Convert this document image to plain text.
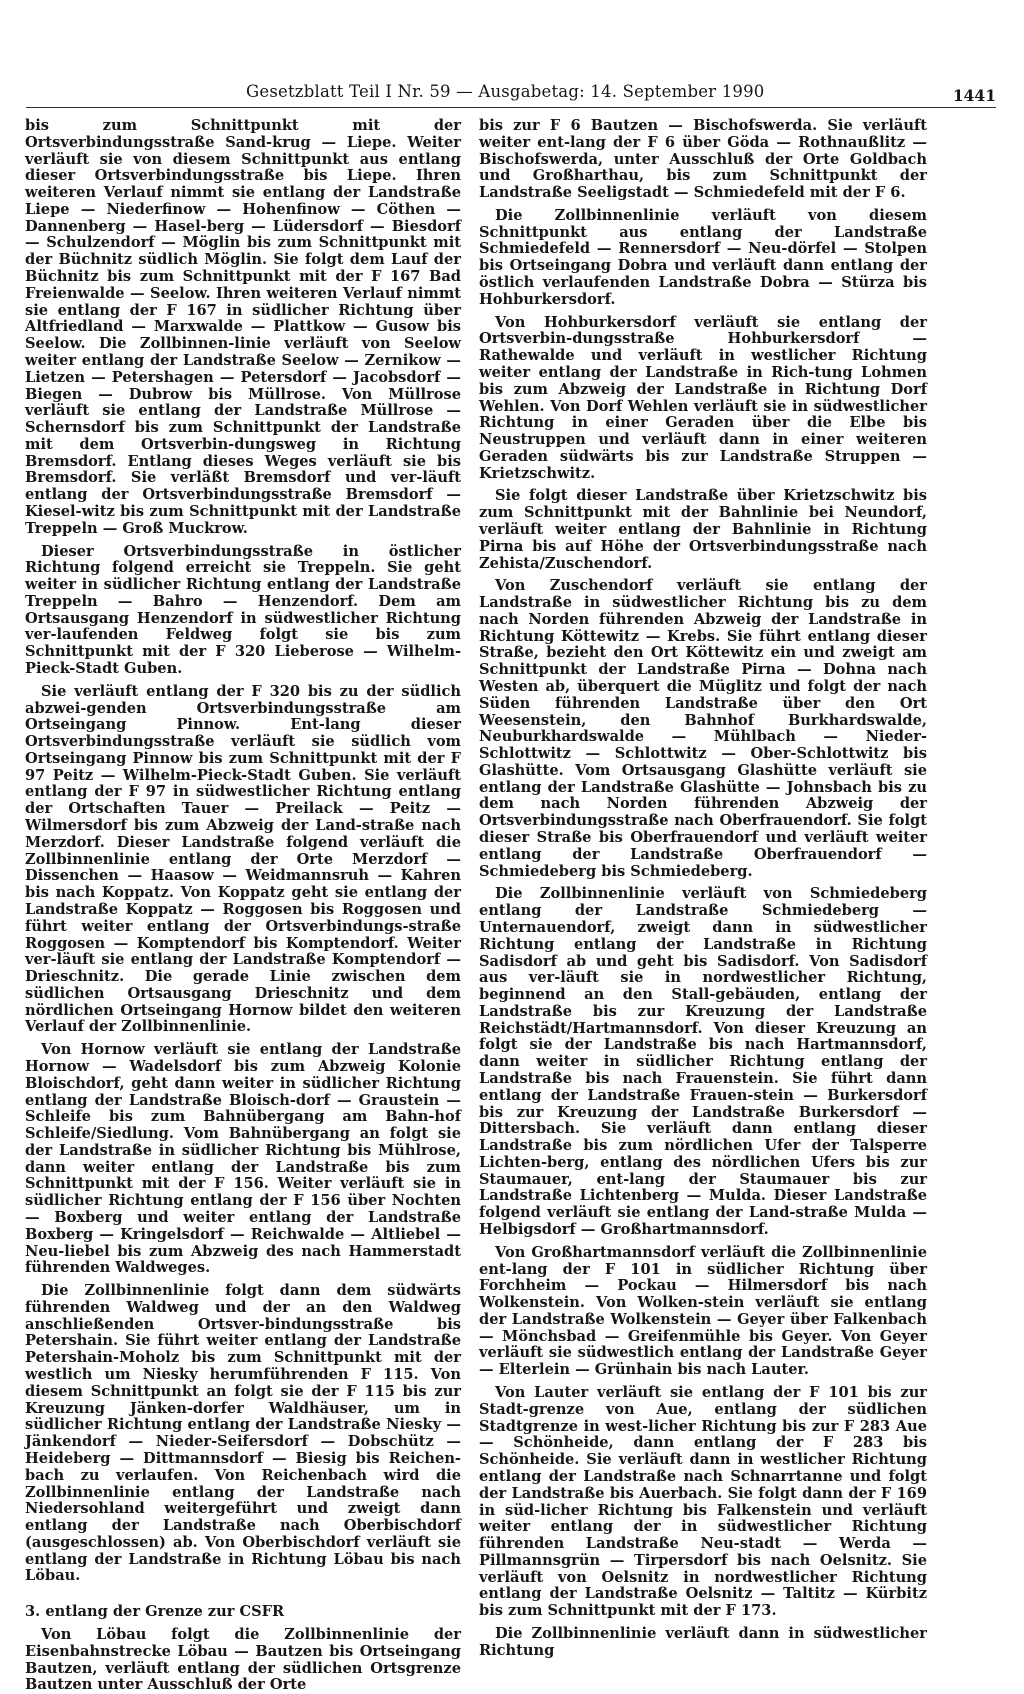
Gesetzblatt Teil I Nr. 59 — Ausgabetag: 14. September 1990	1441

bis zum Schnittpunkt mit der Ortsverbindungsstraße Sand-krug — Liepe. Weiter verläuft sie von diesem Schnittpunkt aus entlang dieser Ortsverbindungsstraße bis Liepe. Ihren weiteren Verlauf nimmt sie entlang der Landstraße Liepe — Niederfinow — Hohenfinow — Cöthen — Dannenberg — Hasel-berg — Lüdersdorf — Biesdorf — Schulzendorf — Möglin bis zum Schnittpunkt mit der Büchnitz südlich Möglin. Sie folgt dem Lauf der Büchnitz bis zum Schnittpunkt mit der F 167 Bad Freienwalde — Seelow. Ihren weiteren Verlauf nimmt sie entlang der F 167 in südlicher Richtung über Altfriedland — Marxwalde — Plattkow — Gusow bis Seelow. Die Zollbinnen-linie verläuft von Seelow weiter entlang der Landstraße Seelow — Zernikow — Lietzen — Petershagen — Petersdorf — Jacobsdorf — Biegen — Dubrow bis Müllrose. Von Müllrose verläuft sie entlang der Landstraße Müllrose — Schernsdorf bis zum Schnittpunkt der Landstraße mit dem Ortsverbin-dungsweg in Richtung Bremsdorf. Entlang dieses Weges verläuft sie bis Bremsdorf. Sie verläßt Bremsdorf und ver-läuft entlang der Ortsverbindungsstraße Bremsdorf — Kiesel-witz bis zum Schnittpunkt mit der Landstraße Treppeln — Groß Muckrow.

Dieser Ortsverbindungsstraße in östlicher Richtung folgend erreicht sie Treppeln. Sie geht weiter in südlicher Richtung entlang der Landstraße Treppeln — Bahro — Henzendorf. Dem am Ortsausgang Henzendorf in südwestlicher Richtung ver-laufenden Feldweg folgt sie bis zum Schnittpunkt mit der F 320 Lieberose — Wilhelm-Pieck-Stadt Guben.

Sie verläuft entlang der F 320 bis zu der südlich abzwei-genden Ortsverbindungsstraße am Ortseingang Pinnow. Ent-lang dieser Ortsverbindungsstraße verläuft sie südlich vom Ortseingang Pinnow bis zum Schnittpunkt mit der F 97 Peitz — Wilhelm-Pieck-Stadt Guben. Sie verläuft entlang der F 97 in südwestlicher Richtung entlang der Ortschaften Tauer — Preilack — Peitz — Wilmersdorf bis zum Abzweig der Land-straße nach Merzdorf. Dieser Landstraße folgend verläuft die Zollbinnenlinie entlang der Orte Merzdorf — Dissenchen — Haasow — Weidmannsruh — Kahren bis nach Koppatz. Von Koppatz geht sie entlang der Landstraße Koppatz — Roggosen bis Roggosen und führt weiter entlang der Ortsverbindungs-straße Roggosen — Komptendorf bis Komptendorf. Weiter ver-läuft sie entlang der Landstraße Komptendorf — Drieschnitz. Die gerade Linie zwischen dem südlichen Ortsausgang Drieschnitz und dem nördlichen Ortseingang Hornow bildet den weiteren Verlauf der Zollbinnenlinie.

Von Hornow verläuft sie entlang der Landstraße Hornow — Wadelsdorf bis zum Abzweig Kolonie Bloischdorf, geht dann weiter in südlicher Richtung entlang der Landstraße Bloisch-dorf — Graustein — Schleife bis zum Bahnübergang am Bahn-hof Schleife/Siedlung. Vom Bahnübergang an folgt sie der Landstraße in südlicher Richtung bis Mühlrose, dann weiter entlang der Landstraße bis zum Schnittpunkt mit der F 156. Weiter verläuft sie in südlicher Richtung entlang der F 156 über Nochten — Boxberg und weiter entlang der Landstraße Boxberg — Kringelsdorf — Reichwalde — Altliebel — Neu-liebel bis zum Abzweig des nach Hammerstadt führenden Waldweges.

Die Zollbinnenlinie folgt dann dem südwärts führenden Waldweg und der an den Waldweg anschließenden Ortsver-bindungsstraße bis Petershain. Sie führt weiter entlang der Landstraße Petershain-Moholz bis zum Schnittpunkt mit der westlich um Niesky herumführenden F 115. Von diesem Schnittpunkt an folgt sie der F 115 bis zur Kreuzung Jänken-dorfer Waldhäuser, um in südlicher Richtung entlang der Landstraße Niesky — Jänkendorf — Nieder-Seifersdorf — Dobschütz — Heideberg — Dittmannsdorf — Biesig bis Reichen-bach zu verlaufen. Von Reichenbach wird die Zollbinnenlinie entlang der Landstraße nach Niedersohland weitergeführt und zweigt dann entlang der Landstraße nach Oberbischdorf (ausgeschlossen) ab. Von Oberbischdorf verläuft sie entlang der Landstraße in Richtung Löbau bis nach Löbau.

3. entlang der Grenze zur CSFR

Von Löbau folgt die Zollbinnenlinie der Eisenbahnstrecke Löbau — Bautzen bis Ortseingang Bautzen, verläuft entlang der südlichen Ortsgrenze Bautzen unter Ausschluß der Orte

bis zur F 6 Bautzen — Bischofswerda. Sie verläuft weiter ent-lang der F 6 über Göda — Rothnaußlitz — Bischofswerda, unter Ausschluß der Orte Goldbach und Großharthau, bis zum Schnittpunkt der Landstraße Seeligstadt — Schmiedefeld mit der F 6.

Die Zollbinnenlinie verläuft von diesem Schnittpunkt aus entlang der Landstraße Schmiedefeld — Rennersdorf — Neu-dörfel — Stolpen bis Ortseingang Dobra und verläuft dann entlang der östlich verlaufenden Landstraße Dobra — Stürza bis Hohburkersdorf.

Von Hohburkersdorf verläuft sie entlang der Ortsverbin-dungsstraße Hohburkersdorf — Rathewalde und verläuft in westlicher Richtung weiter entlang der Landstraße in Rich-tung Lohmen bis zum Abzweig der Landstraße in Richtung Dorf Wehlen. Von Dorf Wehlen verläuft sie in südwestlicher Richtung in einer Geraden über die Elbe bis Neustruppen und verläuft dann in einer weiteren Geraden südwärts bis zur Landstraße Struppen — Krietzschwitz.

Sie folgt dieser Landstraße über Krietzschwitz bis zum Schnittpunkt mit der Bahnlinie bei Neundorf, verläuft weiter entlang der Bahnlinie in Richtung Pirna bis auf Höhe der Ortsverbindungsstraße nach Zehista/Zuschendorf.

Von Zuschendorf verläuft sie entlang der Landstraße in südwestlicher Richtung bis zu dem nach Norden führenden Abzweig der Landstraße in Richtung Köttewitz — Krebs. Sie führt entlang dieser Straße, bezieht den Ort Köttewitz ein und zweigt am Schnittpunkt der Landstraße Pirna — Dohna nach Westen ab, überquert die Müglitz und folgt der nach Süden führenden Landstraße über den Ort Weesenstein, den Bahnhof Burkhardswalde, Neuburkhardswalde — Mühlbach — Nieder-Schlottwitz — Schlottwitz — Ober-Schlottwitz bis Glashütte. Vom Ortsausgang Glashütte verläuft sie entlang der Landstraße Glashütte — Johnsbach bis zu dem nach Norden führenden Abzweig der Ortsverbindungsstraße nach Oberfrauendorf. Sie folgt dieser Straße bis Oberfrauendorf und verläuft weiter entlang der Landstraße Oberfrauendorf — Schmiedeberg bis Schmiedeberg.

Die Zollbinnenlinie verläuft von Schmiedeberg entlang der Landstraße Schmiedeberg — Unternauendorf, zweigt dann in südwestlicher Richtung entlang der Landstraße in Richtung Sadisdorf ab und geht bis Sadisdorf. Von Sadisdorf aus ver-läuft sie in nordwestlicher Richtung, beginnend an den Stall-gebäuden, entlang der Landstraße bis zur Kreuzung der Landstraße Reichstädt/Hartmannsdorf. Von dieser Kreuzung an folgt sie der Landstraße bis nach Hartmannsdorf, dann weiter in südlicher Richtung entlang der Landstraße bis nach Frauenstein. Sie führt dann entlang der Landstraße Frauen-stein — Burkersdorf bis zur Kreuzung der Landstraße Burkersdorf — Dittersbach. Sie verläuft dann entlang dieser Landstraße bis zum nördlichen Ufer der Talsperre Lichten-berg, entlang des nördlichen Ufers bis zur Staumauer, ent-lang der Staumauer bis zur Landstraße Lichtenberg — Mulda. Dieser Landstraße folgend verläuft sie entlang der Land-straße Mulda — Helbigsdorf — Großhartmannsdorf.

Von Großhartmannsdorf verläuft die Zollbinnenlinie ent-lang der F 101 in südlicher Richtung über Forchheim — Pockau — Hilmersdorf bis nach Wolkenstein. Von Wolken-stein verläuft sie entlang der Landstraße Wolkenstein — Geyer über Falkenbach — Mönchsbad — Greifenmühle bis Geyer. Von Geyer verläuft sie südwestlich entlang der Landstraße Geyer — Elterlein — Grünhain bis nach Lauter.

Von Lauter verläuft sie entlang der F 101 bis zur Stadt-grenze von Aue, entlang der südlichen Stadtgrenze in west-licher Richtung bis zur F 283 Aue — Schönheide, dann entlang der F 283 bis Schönheide. Sie verläuft dann in westlicher Richtung entlang der Landstraße nach Schnarrtanne und folgt der Landstraße bis Auerbach. Sie folgt dann der F 169 in süd-licher Richtung bis Falkenstein und verläuft weiter entlang der in südwestlicher Richtung führenden Landstraße Neu-stadt — Werda — Pillmannsgrün — Tirpersdorf bis nach Oelsnitz. Sie verläuft von Oelsnitz in nordwestlicher Richtung entlang der Landstraße Oelsnitz — Taltitz — Kürbitz bis zum Schnittpunkt mit der F 173.

Die Zollbinnenlinie verläuft dann in südwestlicher Richtung
